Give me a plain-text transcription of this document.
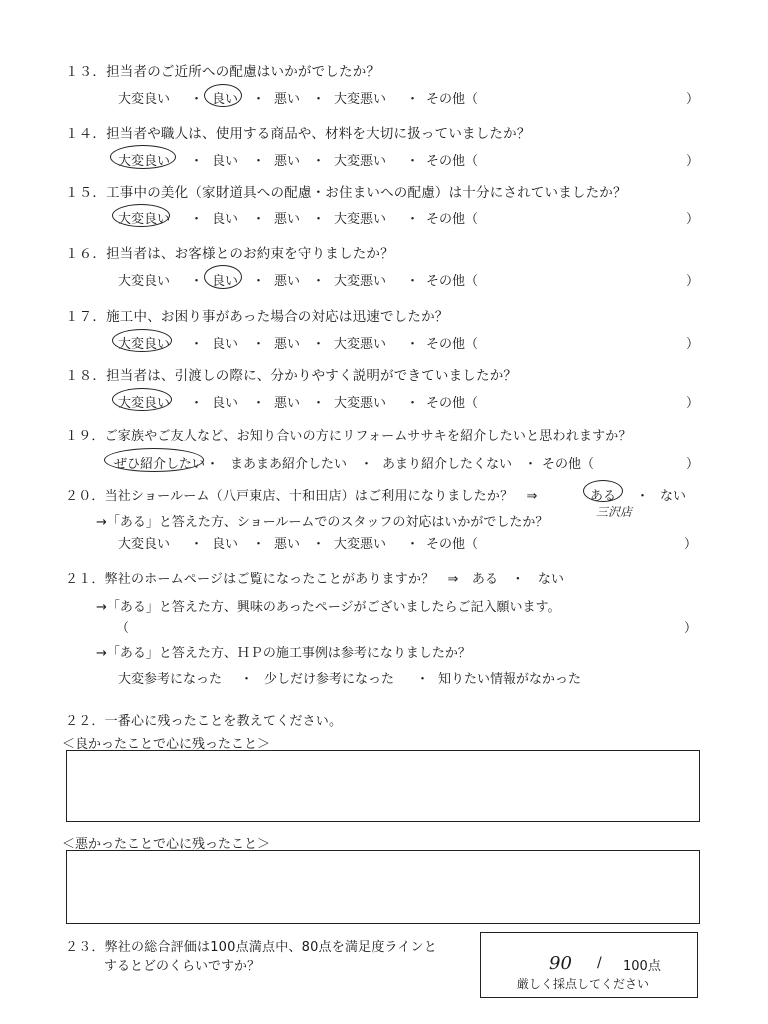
１３．担当者のご近所への配慮はいかがでしたか？
大変良い ・ 良い ・ 悪い ・ 大変悪い ・ その他（	）
１４．担当者や職人は、使用する商品や、材料を大切に扱っていましたか？
大変良い ・ 良い ・ 悪い ・ 大変悪い ・ その他（	）
１５．工事中の美化（家財道具への配慮・お住まいへの配慮）は十分にされていましたか？
大変良い ・ 良い ・ 悪い ・ 大変悪い ・ その他（	）
１６．担当者は、お客様とのお約束を守りましたか？
大変良い ・ 良い ・ 悪い ・ 大変悪い ・ その他（	）
１７．施工中、お困り事があった場合の対応は迅速でしたか？
大変良い ・ 良い ・ 悪い ・ 大変悪い ・ その他（	）
１８．担当者は、引渡しの際に、分かりやすく説明ができていましたか？
大変良い ・ 良い ・ 悪い ・ 大変悪い ・ その他（	）
１９．ご家族やご友人など、お知り合いの方にリフォームササキを紹介したいと思われますか？
ぜひ紹介したい ・ まあまあ紹介したい ・ あまり紹介したくない ・ その他（	）
２０．当社ショールーム（八戸東店、十和田店）はご利用になりましたか？　⇒	ある ・ ない
→「ある」と答えた方、ショールームでのスタッフの対応はいかがでしたか？
三沢店
大変良い ・ 良い ・ 悪い ・ 大変悪い ・ その他（	）
２１．弊社のホームページはご覧になったことがありますか？　⇒　ある　・　ない
→「ある」と答えた方、興味のあったページがございましたらご記入願います。
（	）
→「ある」と答えた方、ＨＰの施工事例は参考になりましたか？
大変参考になった ・ 少しだけ参考になった ・ 知りたい情報がなかった
２２．一番心に残ったことを教えてください。
＜良かったことで心に残ったこと＞
＜悪かったことで心に残ったこと＞
２３．弊社の総合評価は100点満点中、80点を満足度ラインと
するとどのくらいですか？	90 / 100点
厳しく採点してください
